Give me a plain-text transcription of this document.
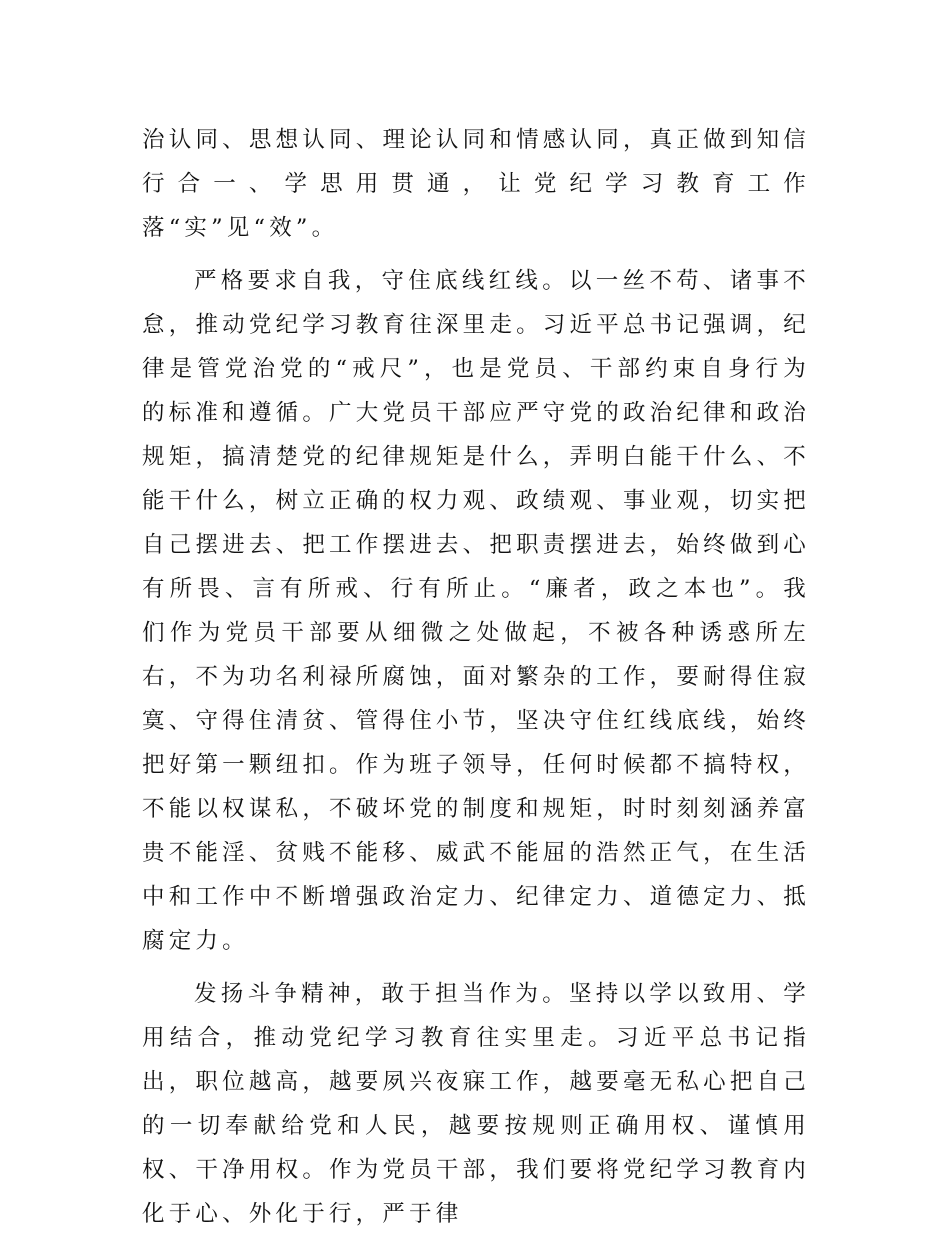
治认同、思想认同、理论认同和情感认同，真正做到知信行合一、学思用贯通，让党纪学习教育工作落“实”见“效”。

严格要求自我，守住底线红线。以一丝不苟、诸事不怠，推动党纪学习教育往深里走。习近平总书记强调，纪律是管党治党的“戒尺”，也是党员、干部约束自身行为的标准和遵循。广大党员干部应严守党的政治纪律和政治规矩，搞清楚党的纪律规矩是什么，弄明白能干什么、不能干什么，树立正确的权力观、政绩观、事业观，切实把自己摆进去、把工作摆进去、把职责摆进去，始终做到心有所畏、言有所戒、行有所止。“廉者，政之本也”。我们作为党员干部要从细微之处做起，不被各种诱惑所左右，不为功名利禄所腐蚀，面对繁杂的工作，要耐得住寂寞、守得住清贫、管得住小节，坚决守住红线底线，始终把好第一颗纽扣。作为班子领导，任何时候都不搞特权，不能以权谋私，不破坏党的制度和规矩，时时刻刻涵养富贵不能淫、贫贱不能移、威武不能屈的浩然正气，在生活中和工作中不断增强政治定力、纪律定力、道德定力、抵腐定力。

发扬斗争精神，敢于担当作为。坚持以学以致用、学用结合，推动党纪学习教育往实里走。习近平总书记指出，职位越高，越要夙兴夜寐工作，越要毫无私心把自己的一切奉献给党和人民，越要按规则正确用权、谨慎用权、干净用权。作为党员干部，我们要将党纪学习教育内化于心、外化于行，严于律
